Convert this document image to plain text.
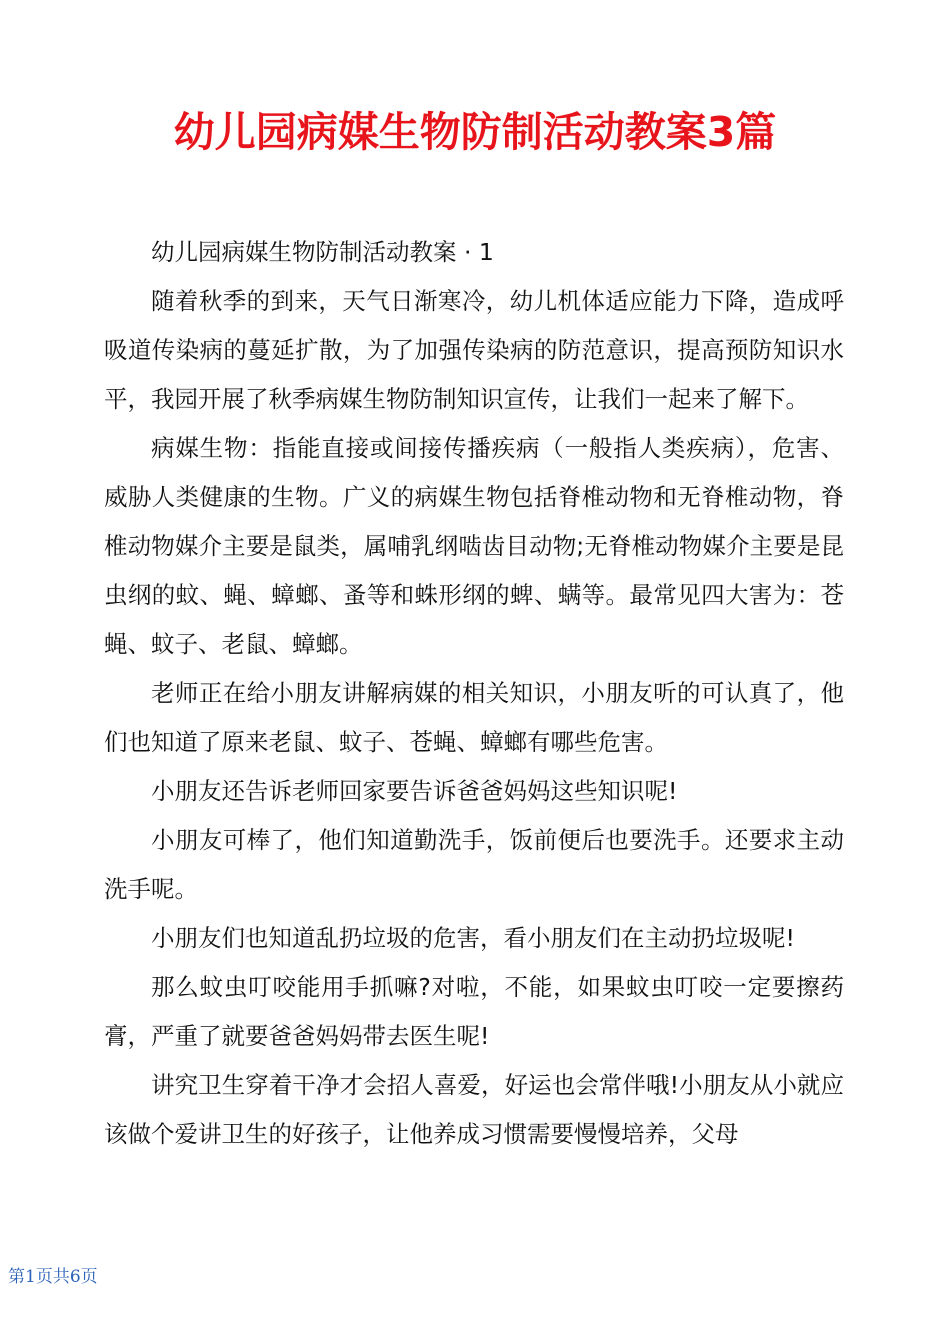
幼儿园病媒生物防制活动教案3篇

幼儿园病媒生物防制活动教案 · 1

随着秋季的到来，天气日渐寒冷，幼儿机体适应能力下降，造成呼吸道传染病的蔓延扩散，为了加强传染病的防范意识，提高预防知识水平，我园开展了秋季病媒生物防制知识宣传，让我们一起来了解下。

病媒生物：指能直接或间接传播疾病（一般指人类疾病），危害、威胁人类健康的生物。广义的病媒生物包括脊椎动物和无脊椎动物，脊椎动物媒介主要是鼠类，属哺乳纲啮齿目动物;无脊椎动物媒介主要是昆虫纲的蚊、蝇、蟑螂、蚤等和蛛形纲的蜱、螨等。最常见四大害为：苍蝇、蚊子、老鼠、蟑螂。

老师正在给小朋友讲解病媒的相关知识，小朋友听的可认真了，他们也知道了原来老鼠、蚊子、苍蝇、蟑螂有哪些危害。

小朋友还告诉老师回家要告诉爸爸妈妈这些知识呢!

小朋友可棒了，他们知道勤洗手，饭前便后也要洗手。还要求主动洗手呢。

小朋友们也知道乱扔垃圾的危害，看小朋友们在主动扔垃圾呢!

那么蚊虫叮咬能用手抓嘛?对啦，不能，如果蚊虫叮咬一定要擦药膏，严重了就要爸爸妈妈带去医生呢!

讲究卫生穿着干净才会招人喜爱，好运也会常伴哦!小朋友从小就应该做个爱讲卫生的好孩子，让他养成习惯需要慢慢培养，父母

第1页共6页
